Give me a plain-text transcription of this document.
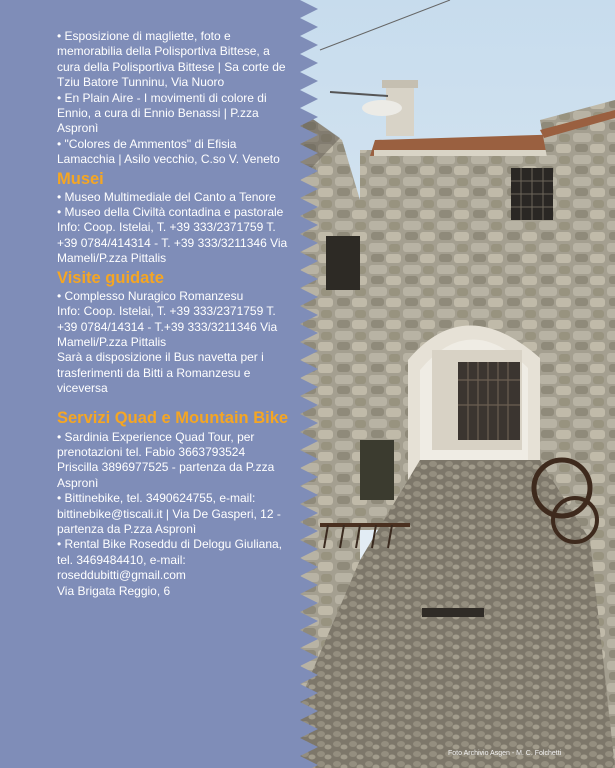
• Esposizione di magliette, foto e memorabilia della Polisportiva Bittese, a cura della Polisportiva Bittese | Sa corte de Tziu Batore Tunninu, Via Nuoro

• En Plain Aire - I movimenti di colore di Ennio, a cura di Ennio Benassi | P.zza Aspronì

• "Colores de Ammentos" di Efisia Lamacchia | Asilo vecchio, C.so V. Veneto

Musei

• Museo Multimediale del Canto a Tenore

• Museo della Civiltà contadina e pastorale

Info: Coop. Istelai, T. +39 333/2371759 T. +39 0784/414314 - T. +39 333/3211346 Via Mameli/P.zza Pittalis

Visite guidate

• Complesso Nuragico Romanzesu

Info: Coop. Istelai, T. +39 333/2371759 T. +39 0784/14314 - T.+39 333/3211346 Via Mameli/P.zza Pittalis

Sarà a disposizione il Bus navetta per i trasferimenti da Bitti a Romanzesu e viceversa

Servizi Quad e Mountain Bike

• Sardinia Experience Quad Tour, per prenotazioni tel. Fabio 3663793524 Priscilla 3896977525 - partenza da P.zza Aspronì

• Bittinebike, tel. 3490624755, e-mail: bittinebike@tiscali.it | Via De Gasperi, 12 - partenza da P.zza Aspronì

• Rental Bike Roseddu di Delogu Giuliana, tel. 3469484410, e-mail: roseddubitti@gmail.com

Via Brigata Reggio, 6

Foto Archivio Asgen - M. C. Folchetti
